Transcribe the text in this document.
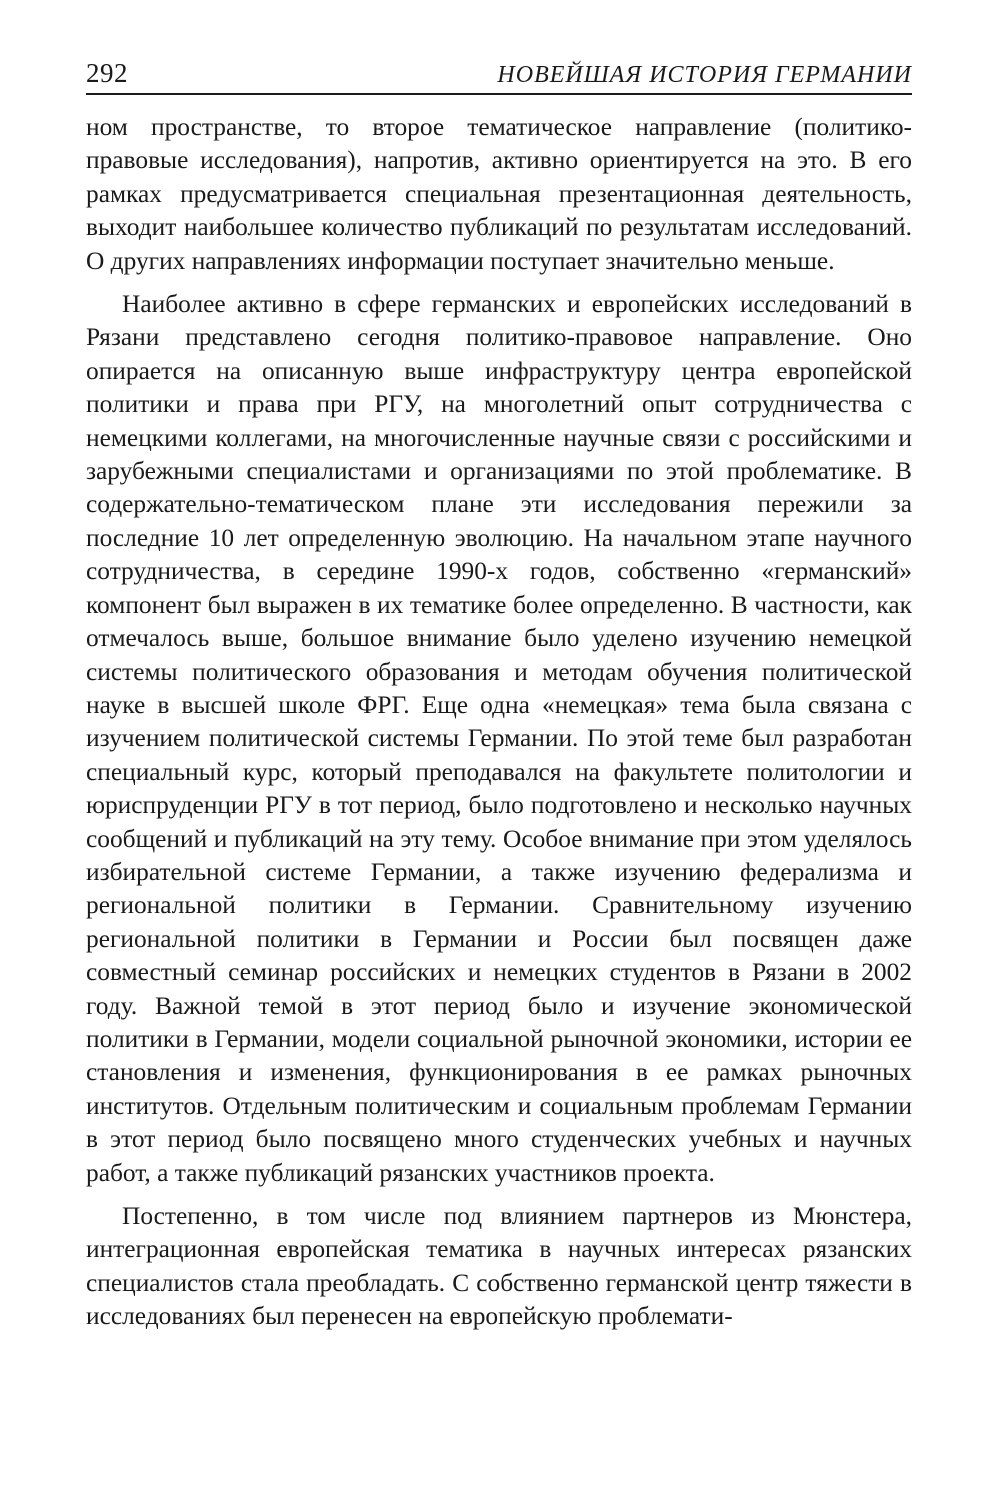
292	НОВЕЙШАЯ ИСТОРИЯ ГЕРМАНИИ

ном пространстве, то второе тематическое направление (политико-правовые исследования), напротив, активно ориентируется на это. В его рамках предусматривается специальная презентационная деятельность, выходит наибольшее количество публикаций по результатам исследований. О других направлениях информации поступает значительно меньше.

Наиболее активно в сфере германских и европейских исследований в Рязани представлено сегодня политико-правовое направление. Оно опирается на описанную выше инфраструктуру центра европейской политики и права при РГУ, на многолетний опыт сотрудничества с немецкими коллегами, на многочисленные научные связи с российскими и зарубежными специалистами и организациями по этой проблематике. В содержательно-тематическом плане эти исследования пережили за последние 10 лет определенную эволюцию. На начальном этапе научного сотрудничества, в середине 1990-х годов, собственно «германский» компонент был выражен в их тематике более определенно. В частности, как отмечалось выше, большое внимание было уделено изучению немецкой системы политического образования и методам обучения политической науке в высшей школе ФРГ. Еще одна «немецкая» тема была связана с изучением политической системы Германии. По этой теме был разработан специальный курс, который преподавался на факультете политологии и юриспруденции РГУ в тот период, было подготовлено и несколько научных сообщений и публикаций на эту тему. Особое внимание при этом уделялось избирательной системе Германии, а также изучению федерализма и региональной политики в Германии. Сравнительному изучению региональной политики в Германии и России был посвящен даже совместный семинар российских и немецких студентов в Рязани в 2002 году. Важной темой в этот период было и изучение экономической политики в Германии, модели социальной рыночной экономики, истории ее становления и изменения, функционирования в ее рамках рыночных институтов. Отдельным политическим и социальным проблемам Германии в этот период было посвящено много студенческих учебных и научных работ, а также публикаций рязанских участников проекта.

Постепенно, в том числе под влиянием партнеров из Мюнстера, интеграционная европейская тематика в научных интересах рязанских специалистов стала преобладать. С собственно германской центр тяжести в исследованиях был перенесен на европейскую проблемати-
